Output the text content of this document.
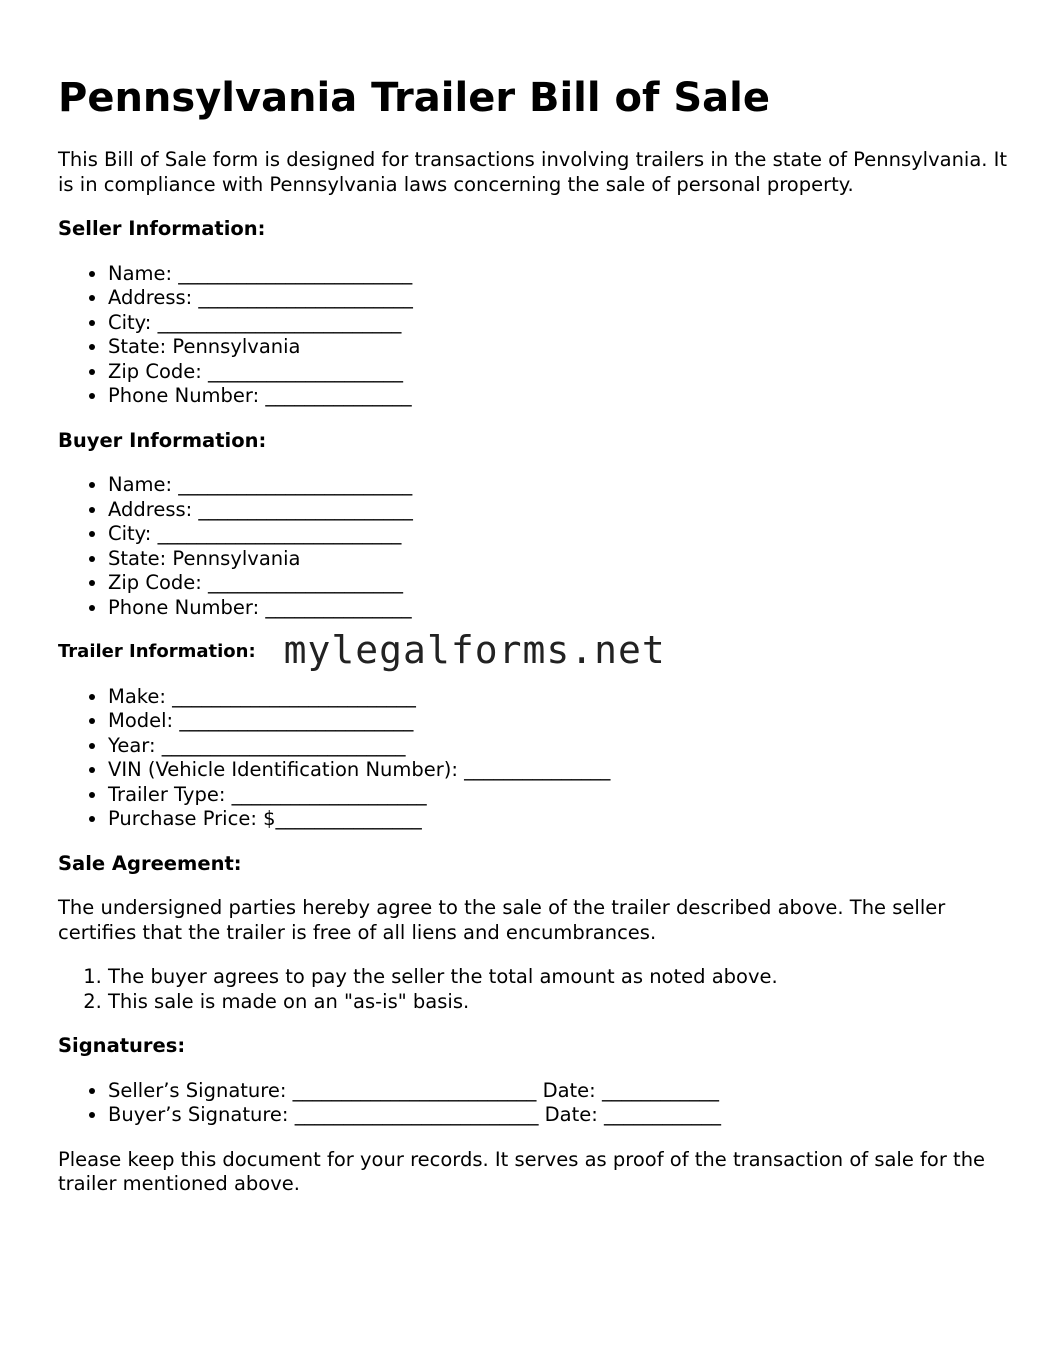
Pennsylvania Trailer Bill of Sale

This Bill of Sale form is designed for transactions involving trailers in the state of Pennsylvania. It is in compliance with Pennsylvania laws concerning the sale of personal property.

Seller Information:
• Name: ________________________
• Address: ______________________
• City: _________________________
• State: Pennsylvania
• Zip Code: ____________________
• Phone Number: _______________
Buyer Information:
• Name: ________________________
• Address: ______________________
• City: _________________________
• State: Pennsylvania
• Zip Code: ____________________
• Phone Number: _______________
Trailer Information: mylegalforms.net
• Make: _________________________
• Model: ________________________
• Year: _________________________
• VIN (Vehicle Identification Number): _______________
• Trailer Type: ____________________
• Purchase Price: $_______________
Sale Agreement:

The undersigned parties hereby agree to the sale of the trailer described above. The seller certifies that the trailer is free of all liens and encumbrances.

1. The buyer agrees to pay the seller the total amount as noted above.
2. This sale is made on an "as-is" basis.
Signatures:
• Seller’s Signature: _________________________ Date: ____________
• Buyer’s Signature: _________________________ Date: ____________

Please keep this document for your records. It serves as proof of the transaction of sale for the trailer mentioned above.
